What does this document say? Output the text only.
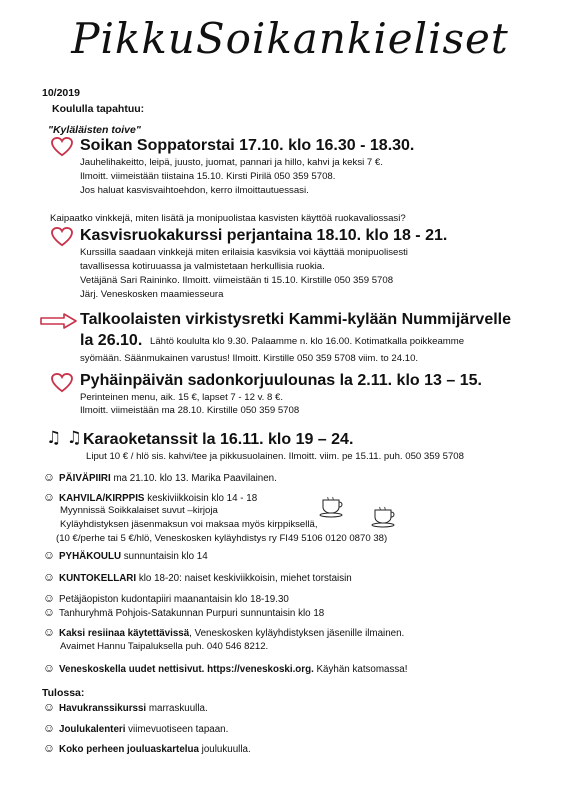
PikkuSoikankieliset
10/2019
Koululla tapahtuu:
"Kyläläisten toive"
Soikan Soppatorstai 17.10. klo 16.30 - 18.30.
Jauhelihakeitto, leipä, juusto, juomat, pannari ja hillo, kahvi ja keksi 7 €.
Ilmoitt. viimeistään tiistaina 15.10. Kirsti Pirilä 050 359 5708.
Jos haluat kasvisvaihtoehdon, kerro ilmoittautuessasi.
Kaipaatko vinkkejä, miten lisätä ja monipuolistaa kasvisten käyttöä ruokavaliossasi?
Kasvisruokakurssi perjantaina 18.10. klo 18 - 21.
Kurssilla saadaan vinkkejä miten erilaisia kasviksia voi käyttää monipuolisesti
tavallisessa kotiruuassa ja valmistetaan herkullisia ruokia.
Vetäjänä Sari Raininko. Ilmoitt. viimeistään ti 15.10. Kirstille 050 359 5708
Järj. Veneskosken maamiesseura
Talkoolaisten virkistysretki Kammi-kylään Nummijärvelle
la 26.10. Lähtö koululta klo 9.30. Palaamme n. klo 16.00. Kotimatkalla poikkeamme
syömään. Säänmukainen varustus! Ilmoitt. Kirstille 050 359 5708 viim. to 24.10.
Pyhäinpäivän sadonkorjuulounas la 2.11. klo 13 – 15.
Perinteinen menu, aik. 15 €, lapset 7 - 12 v. 8 €.
Ilmoitt. viimeistään ma 28.10. Kirstille 050 359 5708
♫ ♫ Karaoketanssit la 16.11. klo 19 – 24.
Liput 10 € / hlö sis. kahvi/tee ja pikkusuolainen. Ilmoitt. viim. pe 15.11. puh. 050 359 5708
☺ PÄIVÄPIIRI ma 21.10. klo 13. Marika Paavilainen.
☺ KAHVILA/KIRPPIS keskiviikkoisin klo 14 - 18
Myynnissä Soikkalaiset suvut –kirjoja
Kyläyhdistyksen jäsenmaksun voi maksaa myös kirppiksellä,
(10 €/perhe tai 5 €/hlö, Veneskosken kyläyhdistys ry FI49 5106 0120 0870 38)
☺ PYHÄKOULU sunnuntaisin klo 14
☺ KUNTOKELLARI klo 18-20: naiset keskiviikkoisin, miehet torstaisin
☺ Petäjäopiston kudontapiiri maanantaisin klo 18-19.30
☺ Tanhuryhmä Pohjois-Satakunnan Purpuri sunnuntaisin klo 18
☺ Kaksi resiinaa käytettävissä, Veneskosken kyläyhdistyksen jäsenille ilmainen.
Avaimet Hannu Taipaluksella puh. 040 546 8212.
☺ Veneskoskella uudet nettisivut. https://veneskoski.org. Käyhän katsomassa!
Tulossa:
☺ Havukranssikurssi marraskuulla.
☺ Joulukalenteri viimevuotiseen tapaan.
☺ Koko perheen jouluaskartelua joulukuulla.
